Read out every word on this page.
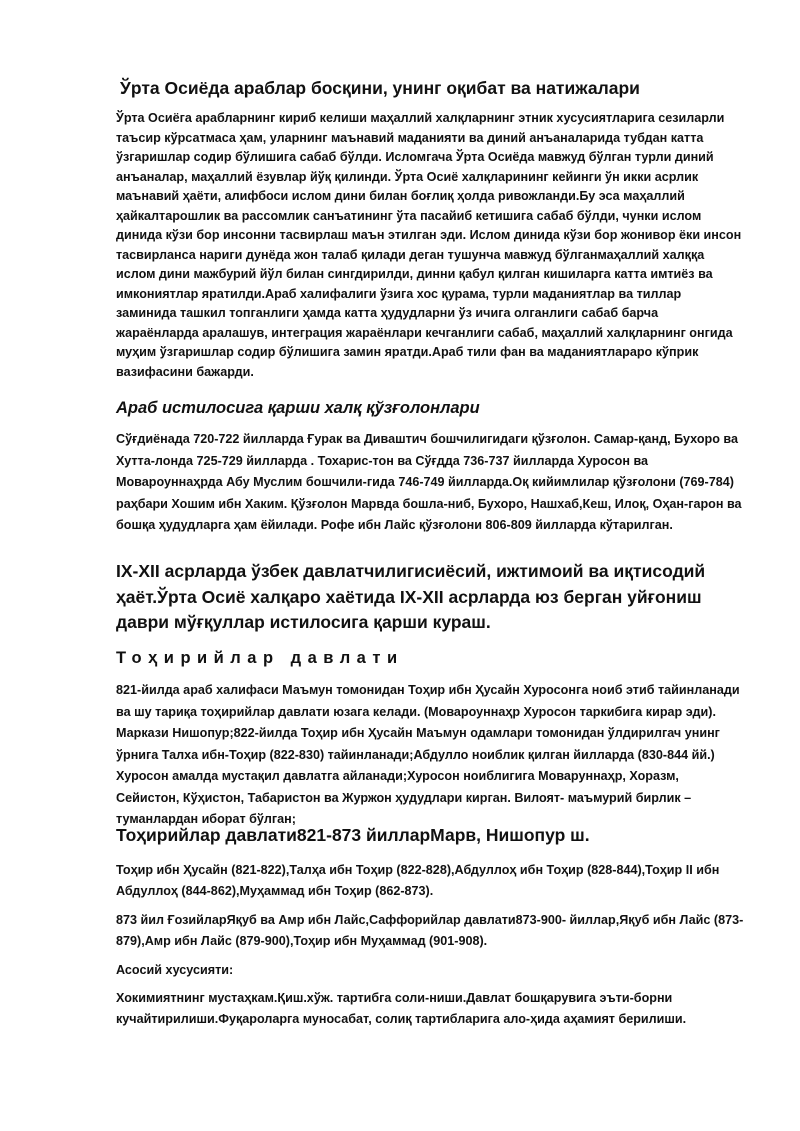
Ўрта Осиёда араблар босқини, унинг оқибат ва натижалари

Ўрта Осиёга арабларнинг кириб келиши маҳаллий халқларнинг этник хусусиятларига сезиларли таъсир кўрсатмаса ҳам, уларнинг маънавий маданияти ва диний анъаналарида тубдан катта ўзгаришлар содир бўлишига сабаб бўлди. Исломгача Ўрта Осиёда мавжуд бўлган турли диний анъаналар, маҳаллий ёзувлар йўқ қилинди. Ўрта Осиё халқларининг кейинги ўн икки асрлик маънавий ҳаёти, алифбоси ислом дини билан боғлиқ ҳолда ривожланди.Бу эса маҳаллий ҳайкалтарошлик ва рассомлик санъатининг ўта пасайиб кетишига сабаб бўлди, чунки ислом динида кўзи бор инсонни тасвирлаш маън этилган эди. Ислом динида кўзи бор жонивор ёки инсон тасвирланса нариги дунёда жон талаб қилади деган тушунча мавжуд бўлганмаҳаллий халққа ислом дини мажбурий йўл билан сингдирилди, динни қабул қилган кишиларга катта имтиёз ва имкониятлар яратилди.Араб халифалиги ўзига хос қурама, турли маданиятлар ва тиллар заминида ташкил топганлиги ҳамда катта ҳудудларни ўз ичига олганлиги сабаб барча жараёнларда аралашув, интеграция жараёнлари кечганлиги сабаб, маҳаллий халқларнинг онгида муҳим ўзгаришлар содир бўлишига замин яратди.Араб тили фан ва маданиятлараро кўприк вазифасини бажарди.

Араб истилосига қарши халқ қўзғолонлари

Сўғдиёнада 720-722 йилларда Ғурак ва Диваштич бошчилигидаги қўзғолон. Самар-қанд, Бухоро ва Хутта-лонда 725-729 йилларда . Тохарис-тон ва Сўғдда 736-737 йилларда Хуросон ва Мовароуннаҳрда Абу Муслим бошчили-гида 746-749 йилларда.Оқ кийимлилар қўзғолони (769-784) раҳбари Хошим ибн Хаким. Қўзғолон Марвда бошла-ниб, Бухоро, Нашхаб,Кеш, Илоқ, Оҳан-гарон ва бошқа ҳудудларга ҳам ёйилади. Рофе ибн Лайс қўзғолони 806-809 йилларда кўтарилган.

IX-XII асрларда ўзбек давлатчилигисиёсий, ижтимоий ва иқтисодий ҳаёт.Ўрта Осиё халқаро хаётида IX-XII асрларда юз берган уйғониш даври мўғқуллар истилосига қарши кураш.
Тоҳирийлар давлати

821-йилда араб халифаси Маъмун томонидан Тоҳир ибн Ҳусайн Хуросонга ноиб этиб тайинланади ва шу тариқа тоҳирийлар давлати юзага келади. (Мовароуннаҳр Хуросон таркибига кирар эди). Маркази Нишопур;822-йилда Тоҳир ибн Ҳусайн Маъмун одамлари томонидан ўлдирилгач унинг ўрнига Талха ибн-Тоҳир (822-830) тайинланади;Абдулло ноиблик қилган йилларда (830-844 йй.) Хуросон амалда мустақил давлатга айланади;Хуросон ноиблигига Моваруннаҳр, Хоразм, Сейистон, Кўҳистон, Табаристон ва Журжон ҳудудлари кирган. Вилоят- маъмурий бирлик – туманлардан иборат бўлган;

Тоҳирийлар давлати821-873 йилларМарв, Нишопур ш.

Тоҳир ибн Ҳусайн (821-822),Талҳа ибн Тоҳир (822-828),Абдуллоҳ ибн Тоҳир (828-844),Тоҳир II ибн Абдуллоҳ (844-862),Муҳаммад ибн Тоҳир (862-873).

873 йил ҒозийларЯқуб ва Амр ибн Лайс,Саффорийлар давлати873-900- йиллар,Яқуб ибн Лайс (873-879),Амр ибн Лайс (879-900),Тоҳир ибн Муҳаммад (901-908).

Асосий хусусияти:

Хокимиятнинг мустаҳкам.Қиш.хўж. тартибга соли-ниши.Давлат бошқарувига эъти-борни кучайтирилиши.Фуқароларга муносабат, солиқ тартибларига ало-ҳида аҳамият берилиши.
